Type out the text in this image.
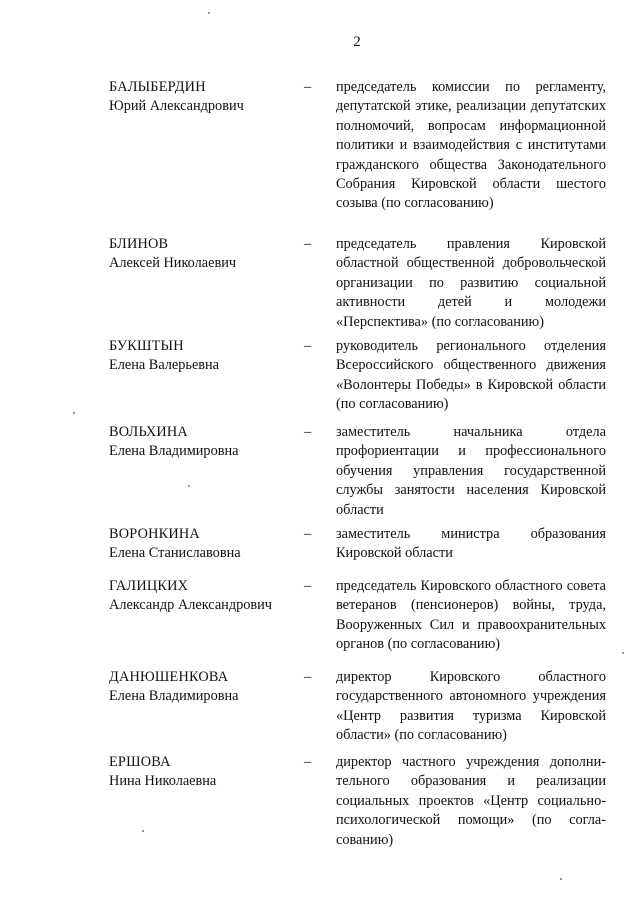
2
БАЛЫБЕРДИН
Юрий Александрович
– председатель комиссии по регламенту, депутатской этике, реализации депутатских полномочий, вопросам информационной политики и взаимодействия с институтами гражданского общества Законодательного Собрания Кировской области шестого созыва (по согласованию)
БЛИНОВ
Алексей Николаевич
– председатель правления Кировской областной общественной добровольческой организации по развитию социальной активности детей и молодежи «Перспектива» (по согласованию)
БУКШТЫН
Елена Валерьевна
– руководитель регионального отделения Всероссийского общественного движения «Волонтеры Победы» в Кировской области (по согласованию)
ВОЛЬХИНА
Елена Владимировна
– заместитель начальника отдела профориентации и профессионального обучения управления государственной службы занятости населения Кировской области
ВОРОНКИНА
Елена Станиславовна
– заместитель министра образования Кировской области
ГАЛИЦКИХ
Александр Александрович
– председатель Кировского областного совета ветеранов (пенсионеров) войны, труда, Вооруженных Сил и правоохранительных органов (по согласованию)
ДАНЮШЕНКОВА
Елена Владимировна
– директор Кировского областного государственного автономного учреждения «Центр развития туризма Кировской области» (по согласованию)
ЕРШОВА
Нина Николаевна
– директор частного учреждения дополнительного образования и реализации социальных проектов «Центр социально-психологической помощи» (по согласованию)
